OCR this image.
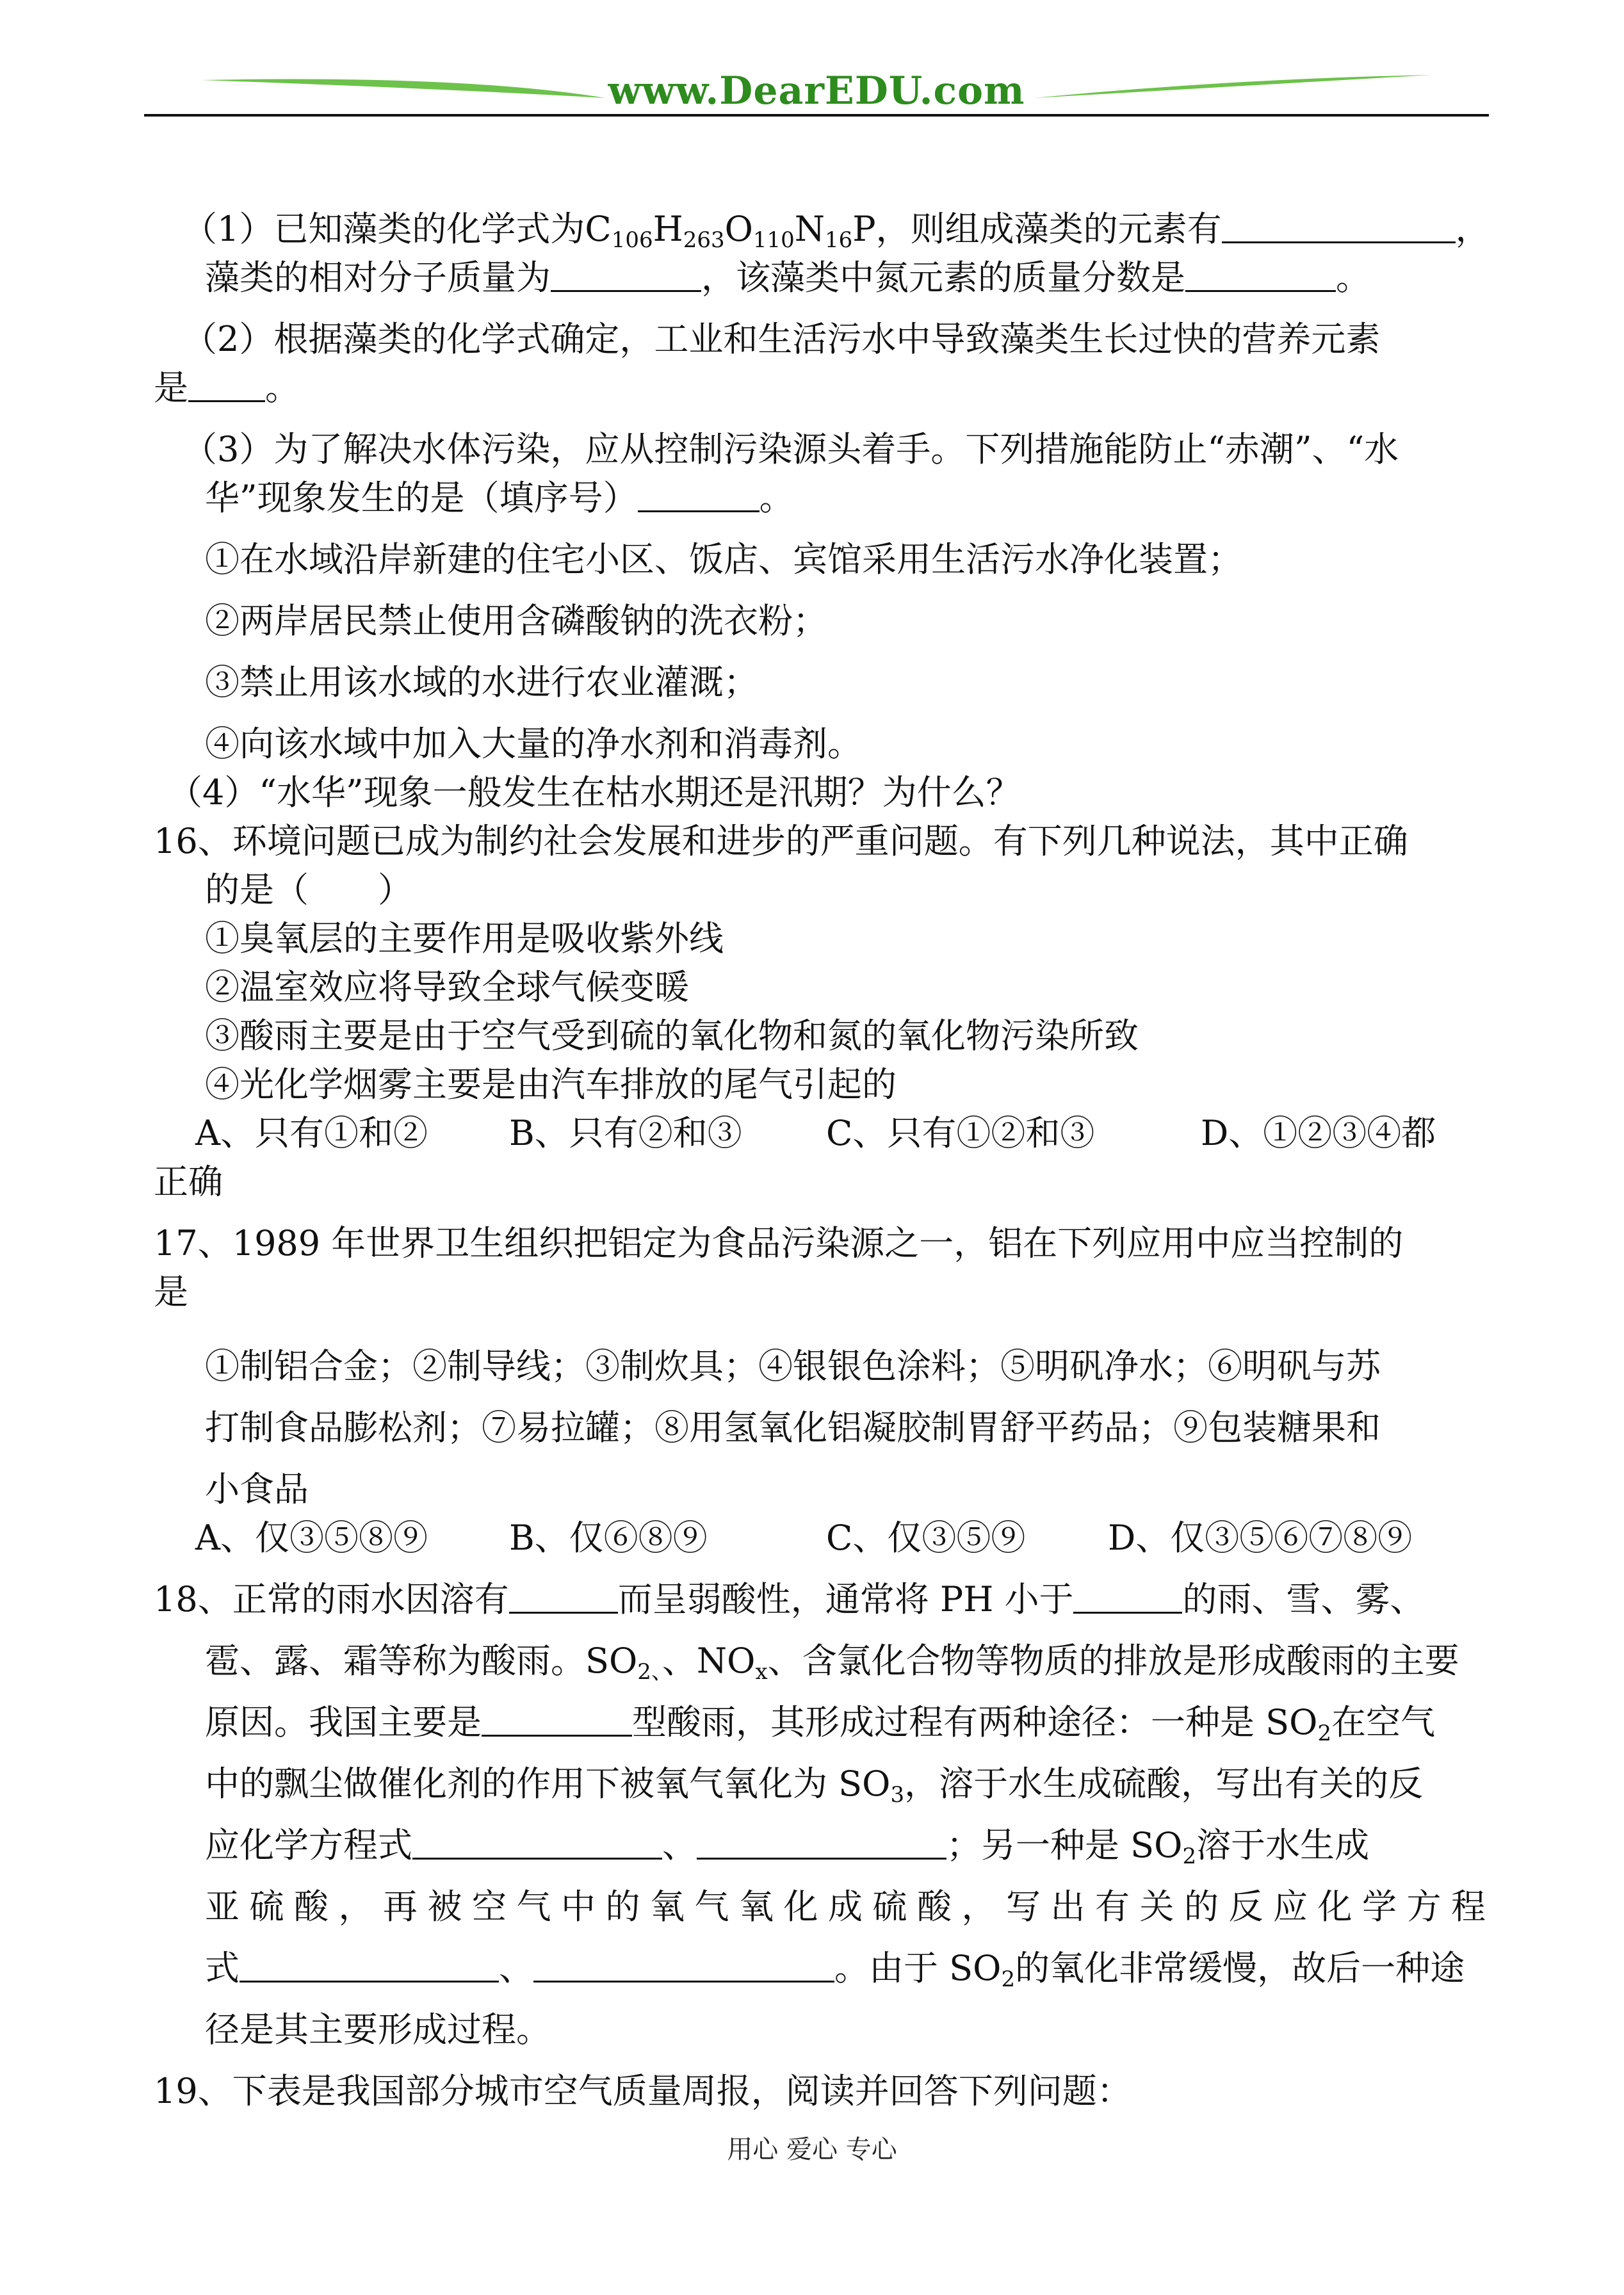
www.DearEDU.com
（1）已知藻类的化学式为$C_{106}H_{263}O_{110}N_{16}P$，则组成藻类的元素有	，
藻类的相对分子质量为	，该藻类中氮元素的质量分数是	。
（2）根据藻类的化学式确定，工业和生活污水中导致藻类生长过快的营养元素
是 。
（3）为了解决水体污染，应从控制污染源头着手。下列措施能防止“赤潮”、“水
华”现象发生的是（填序号）	。
①在水域沿岸新建的住宅小区、饭店、宾馆采用生活污水净化装置；
②两岸居民禁止使用含磷酸钠的洗衣粉；
③禁止用该水域的水进行农业灌溉；
④向该水域中加入大量的净水剂和消毒剂。
（4）“水华”现象一般发生在枯水期还是汛期？为什么？
16、环境问题已成为制约社会发展和进步的严重问题。有下列几种说法，其中正确
的是（　　）
①臭氧层的主要作用是吸收紫外线
②温室效应将导致全球气候变暖
③酸雨主要是由于空气受到硫的氧化物和氮的氧化物污染所致
④光化学烟雾主要是由汽车排放的尾气引起的
A、只有①和②	B、只有②和③	C、只有①②和③	D、①②③④都
正确
17、1989 年世界卫生组织把铝定为食品污染源之一，铝在下列应用中应当控制的
是
①制铝合金；②制导线；③制炊具；④银银色涂料；⑤明矾净水；⑥明矾与苏
打制食品膨松剂；⑦易拉罐；⑧用氢氧化铝凝胶制胃舒平药品；⑨包装糖果和
小食品
A、仅③⑤⑧⑨	B、仅⑥⑧⑨	C、仅③⑤⑨	D、仅③⑤⑥⑦⑧⑨
18、正常的雨水因溶有	而呈弱酸性，通常将 PH 小于	的雨、雪、雾、
雹、露、霜等称为酸雨。$SO_{2、}$、$NO_x$、含氯化合物等物质的排放是形成酸雨的主要
原因。我国主要是	型酸雨，其形成过程有两种途径：一种是 $SO_2$在空气
中的飘尘做催化剂的作用下被氧气氧化为 $SO_3$，溶于水生成硫酸，写出有关的反
应化学方程式	、	；另一种是 $SO_2$溶于水生成
亚 硫 酸 ， 再 被 空 气 中 的 氧 气 氧 化 成 硫 酸 ， 写 出 有 关 的 反 应 化 学 方 程
式	、	。由于 $SO_2$的氧化非常缓慢，故后一种途
径是其主要形成过程。
19、下表是我国部分城市空气质量周报，阅读并回答下列问题：
用心 爱心 专心
